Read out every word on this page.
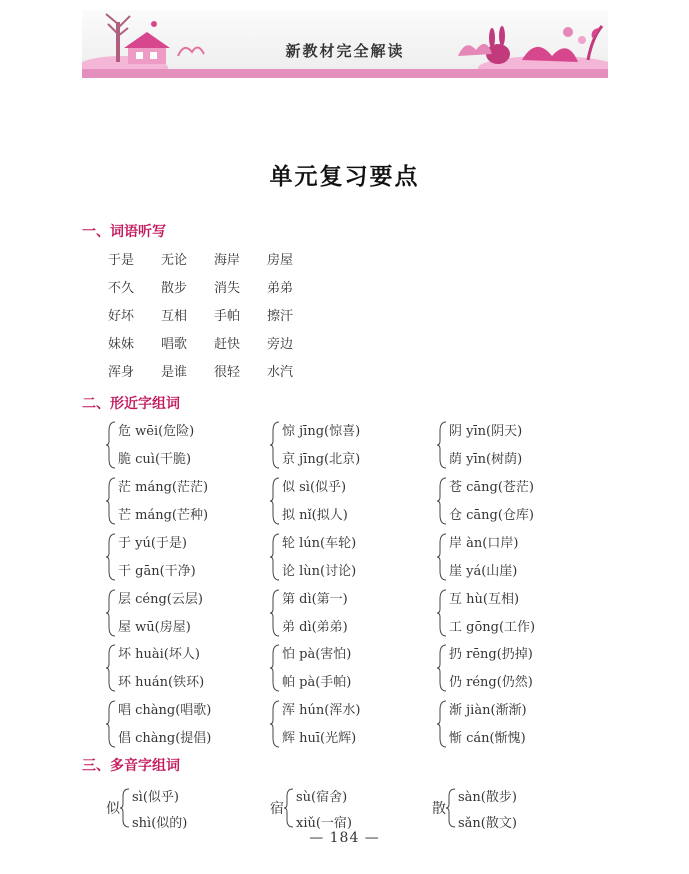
新教材完全解读
单元复习要点
一、词语听写
于是 无论 海岸 房屋
不久 散步 消失 弟弟
好坏 互相 手帕 擦汗
妹妹 唱歌 赶快 旁边
浑身 是谁 很轻 水汽
二、形近字组词
危 wēi(危险)
脆 cuì(干脆)
惊 jīng(惊喜)
京 jīng(北京)
阴 yīn(阴天)
荫 yīn(树荫)
茫 máng(茫茫)
芒 máng(芒种)
似 sì(似乎)
拟 nǐ(拟人)
苍 cāng(苍茫)
仓 cāng(仓库)
于 yú(于是)
干 gān(干净)
轮 lún(车轮)
论 lùn(讨论)
岸 àn(口岸)
崖 yá(山崖)
层 céng(云层)
屋 wū(房屋)
第 dì(第一)
弟 dì(弟弟)
互 hù(互相)
工 gōng(工作)
坏 huài(坏人)
环 huán(铁环)
怕 pà(害怕)
帕 pà(手帕)
扔 rēng(扔掉)
仍 réng(仍然)
唱 chàng(唱歌)
倡 chàng(提倡)
浑 hún(浑水)
辉 huī(光辉)
渐 jiàn(渐渐)
惭 cán(惭愧)
三、多音字组词
似
sì(似乎)
shì(似的)
宿
sù(宿舍)
xiǔ(一宿)
散
sàn(散步)
sǎn(散文)
— 184 —
